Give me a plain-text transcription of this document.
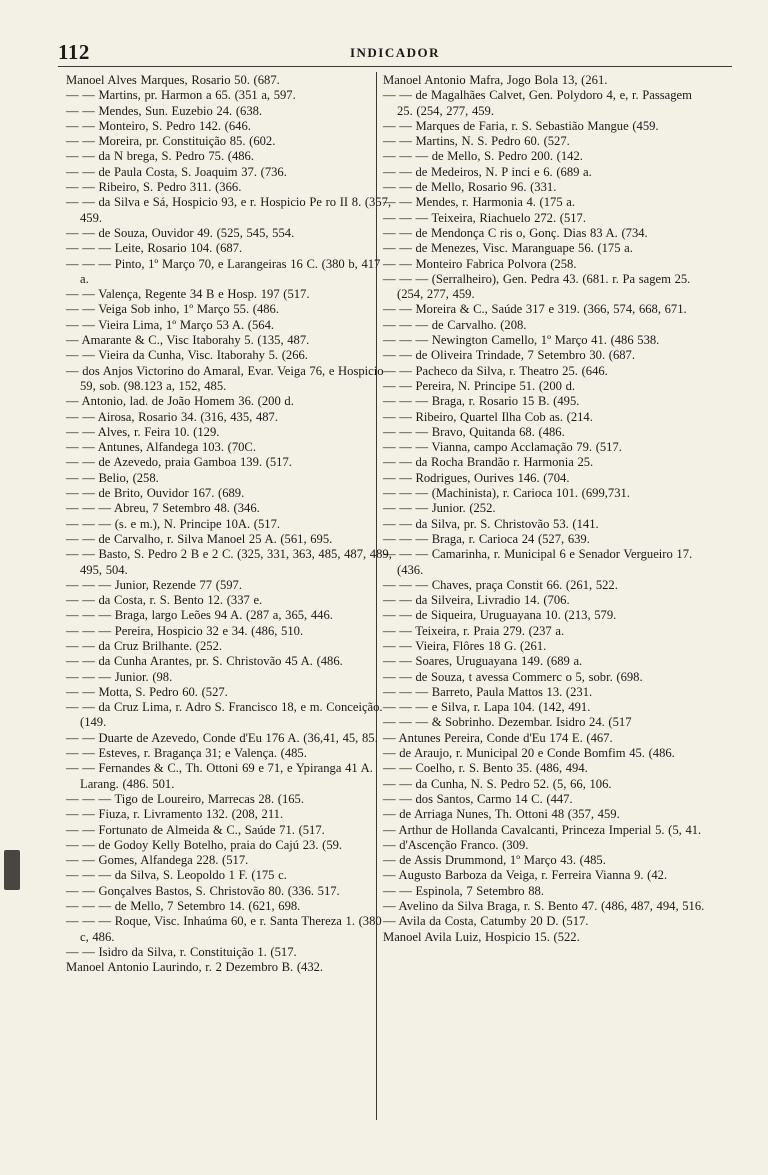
112	INDICADOR
Manoel Alves Marques, Rosario 50. (687.
— — Martins, pr. Harmon a 65. (351 a, 597.
— — Mendes, Sun. Euzebio 24. (638.
— — Monteiro, S. Pedro 142. (646.
— — Moreira, pr. Constituição 85. (602.
— — da N brega, S. Pedro 75. (486.
— — de Paula Costa, S. Joaquim 37. (736.
— — Ribeiro, S. Pedro 311. (366.
— — da Silva e Sá, Hospicio 93, e r. Hospicio Pe ro II 8. (357, 459.
— — de Souza, Ouvidor 49. (525, 545, 554.
— — — Leite, Rosario 104. (687.
— — — Pinto, 1º Março 70, e Larangeiras 16 C. (380 b, 417 a.
— — Valença, Regente 34 B e Hosp. 197 (517.
— — Veiga Sob inho, 1º Março 55. (486.
— — Vieira Lima, 1º Março 53 A. (564.
— Amarante & C., Visc Itaborahy 5. (135, 487.
— — Vieira da Cunha, Visc. Itaborahy 5. (266.
— dos Anjos Victorino do Amaral, Evar. Veiga 76, e Hospicio 59, sob. (98.123 a, 152, 485.
— Antonio, lad. de João Homem 36. (200 d.
— — Airosa, Rosario 34. (316, 435, 487.
— — Alves, r. Feira 10. (129.
— — Antunes, Alfandega 103. (70C.
— — de Azevedo, praia Gamboa 139. (517.
— — Belio, (258.
— — de Brito, Ouvidor 167. (689.
— — — Abreu, 7 Setembro 48. (346.
— — — (s. e m.), N. Principe 10A. (517.
— — de Carvalho, r. Silva Manoel 25 A. (561, 695.
— — Basto, S. Pedro 2 B e 2 C. (325, 331, 363, 485, 487, 489, 495, 504.
— — — Junior, Rezende 77 (597.
— — da Costa, r. S. Bento 12. (337 e.
— — — Braga, largo Leões 94 A. (287 a, 365, 446.
— — — Pereira, Hospicio 32 e 34. (486, 510.
— — da Cruz Brilhante. (252.
— — da Cunha Arantes, pr. S. Christovão 45 A. (486.
— — — Junior. (98.
— — Motta, S. Pedro 60. (527.
— — da Cruz Lima, r. Adro S. Francisco 18, e m. Conceição. (149.
— — Duarte de Azevedo, Conde d'Eu 176 A. (36,41, 45, 85.
— — Esteves, r. Bragança 31; e Valença. (485.
— — Fernandes & C., Th. Ottoni 69 e 71, e Ypiranga 41 A. Larang. (486. 501.
— — — Tigo de Loureiro, Marrecas 28. (165.
— — Fiuza, r. Livramento 132. (208, 211.
— — Fortunato de Almeida & C., Saúde 71. (517.
— — de Godoy Kelly Botelho, praia do Cajú 23. (59.
— — Gomes, Alfandega 228. (517.
— — — da Silva, S. Leopoldo 1 F. (175 c.
— — Gonçalves Bastos, S. Christovão 80. (336. 517.
— — — de Mello, 7 Setembro 14. (621, 698.
— — — Roque, Visc. Inhaúma 60, e r. Santa Thereza 1. (380 c, 486.
— — Isidro da Silva, r. Constituição 1. (517.
Manoel Antonio Laurindo, r. 2 Dezembro B. (432.
Manoel Antonio Mafra, Jogo Bola 13, (261.
— — de Magalhães Calvet, Gen. Polydoro 4, e, r. Passagem 25. (254, 277, 459.
— — Marques de Faria, r. S. Sebastião Mangue (459.
— — Martins, N. S. Pedro 60. (527.
— — — de Mello, S. Pedro 200. (142.
— — de Medeiros, N. P inci e 6. (689 a.
— — de Mello, Rosario 96. (331.
— — Mendes, r. Harmonia 4. (175 a.
— — — Teixeira, Riachuelo 272. (517.
— — de Mendonça C ris o, Gonç. Dias 83 A. (734.
— — de Menezes, Visc. Maranguape 56. (175 a.
— — Monteiro Fabrica Polvora (258.
— — — (Serralheiro), Gen. Pedra 43. (681. r. Pa sagem 25. (254, 277, 459.
— — Moreira & C., Saúde 317 e 319. (366, 574, 668, 671.
— — — de Carvalho. (208.
— — — Newington Camello, 1º Março 41. (486 538.
— — de Oliveira Trindade, 7 Setembro 30. (687.
— — Pacheco da Silva, r. Theatro 25. (646.
— — Pereira, N. Principe 51. (200 d.
— — — Braga, r. Rosario 15 B. (495.
— — Ribeiro, Quartel Ilha Cob as. (214.
— — — Bravo, Quitanda 68. (486.
— — — Vianna, campo Acclamação 79. (517.
— — da Rocha Brandão r. Harmonia 25.
— — Rodrigues, Ourives 146. (704.
— — — (Machinista), r. Carioca 101. (699,731.
— — — Junior. (252.
— — da Silva, pr. S. Christovão 53. (141.
— — — Braga, r. Carioca 24 (527, 639.
— — — Camarinha, r. Municipal 6 e Senador Vergueiro 17. (436.
— — — Chaves, praça Constit 66. (261, 522.
— — da Silveira, Livradio 14. (706.
— — de Siqueira, Uruguayana 10. (213, 579.
— — Teixeira, r. Praia 279. (237 a.
— — Vieira, Flôres 18 G. (261.
— — Soares, Uruguayana 149. (689 a.
— — de Souza, t avessa Commerc o 5, sobr. (698.
— — — Barreto, Paula Mattos 13. (231.
— — — e Silva, r. Lapa 104. (142, 491.
— — — & Sobrinho. Dezembar. Isidro 24. (517
— Antunes Pereira, Conde d'Eu 174 E. (467.
— de Araujo, r. Municipal 20 e Conde Bomfim 45. (486.
— — Coelho, r. S. Bento 35. (486, 494.
— — da Cunha, N. S. Pedro 52. (5, 66, 106.
— — dos Santos, Carmo 14 C. (447.
— de Arriaga Nunes, Th. Ottoni 48 (357, 459.
— Arthur de Hollanda Cavalcanti, Princeza Imperial 5. (5, 41.
— d'Ascenção Franco. (309.
— de Assis Drummond, 1º Março 43. (485.
— Augusto Barboza da Veiga, r. Ferreira Vianna 9. (42.
— — Espinola, 7 Setembro 88.
— Avelino da Silva Braga, r. S. Bento 47. (486, 487, 494, 516.
— Avila da Costa, Catumby 20 D. (517.
Manoel Avila Luiz, Hospicio 15. (522.
